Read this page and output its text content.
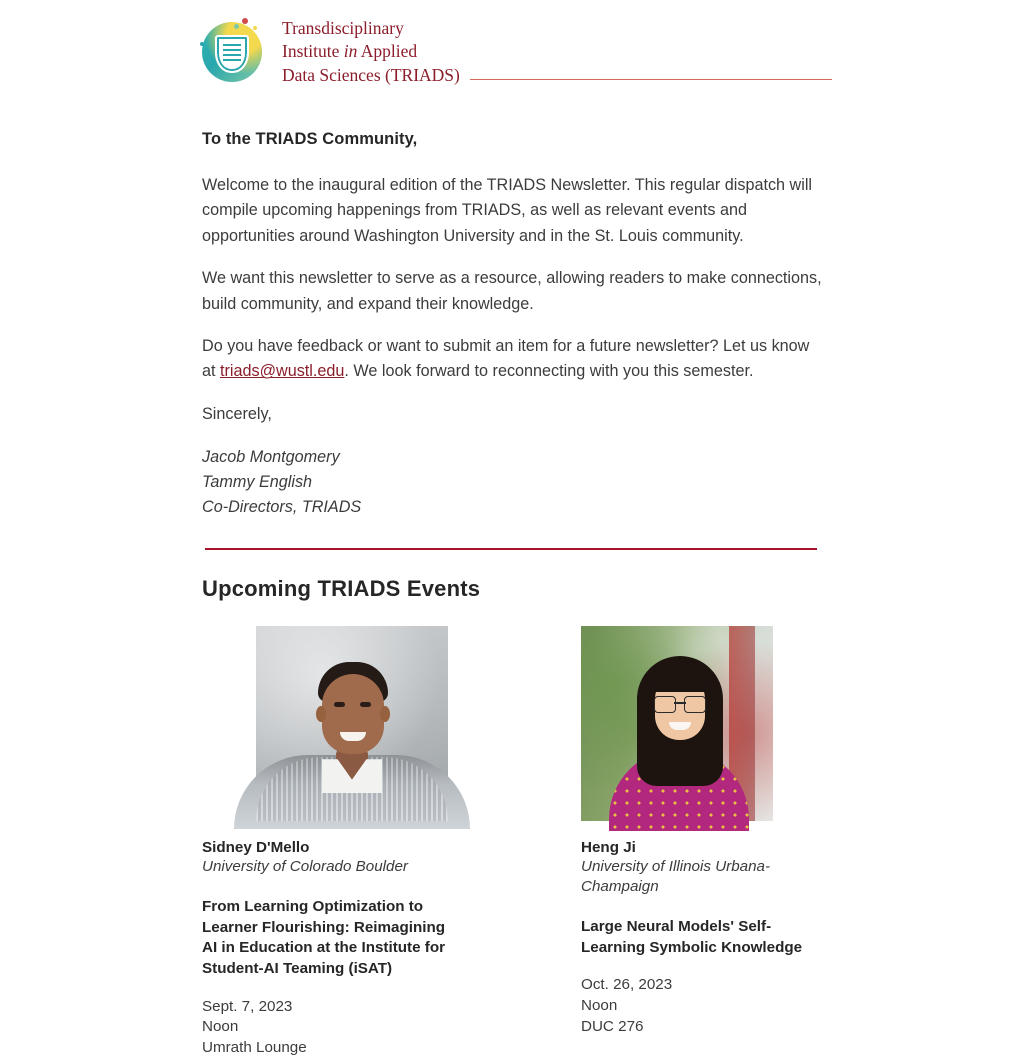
Transdisciplinary
Institute in Applied
Data Sciences (TRIADS)
To the TRIADS Community,

Welcome to the inaugural edition of the TRIADS Newsletter. This regular dispatch will compile upcoming happenings from TRIADS, as well as relevant events and opportunities around Washington University and in the St. Louis community.

We want this newsletter to serve as a resource, allowing readers to make connections, build community, and expand their knowledge.

Do you have feedback or want to submit an item for a future newsletter? Let us know at triads@wustl.edu. We look forward to reconnecting with you this semester.

Sincerely,
Jacob Montgomery
Tammy English
Co-Directors, TRIADS
Upcoming TRIADS Events
Sidney D'Mello
University of Colorado Boulder
From Learning Optimization to Learner Flourishing: Reimagining AI in Education at the Institute for Student-AI Teaming (iSAT)
Sept. 7, 2023
Noon
Umrath Lounge
Heng Ji
University of Illinois Urbana-Champaign
Large Neural Models' Self-Learning Symbolic Knowledge
Oct. 26, 2023
Noon
DUC 276
